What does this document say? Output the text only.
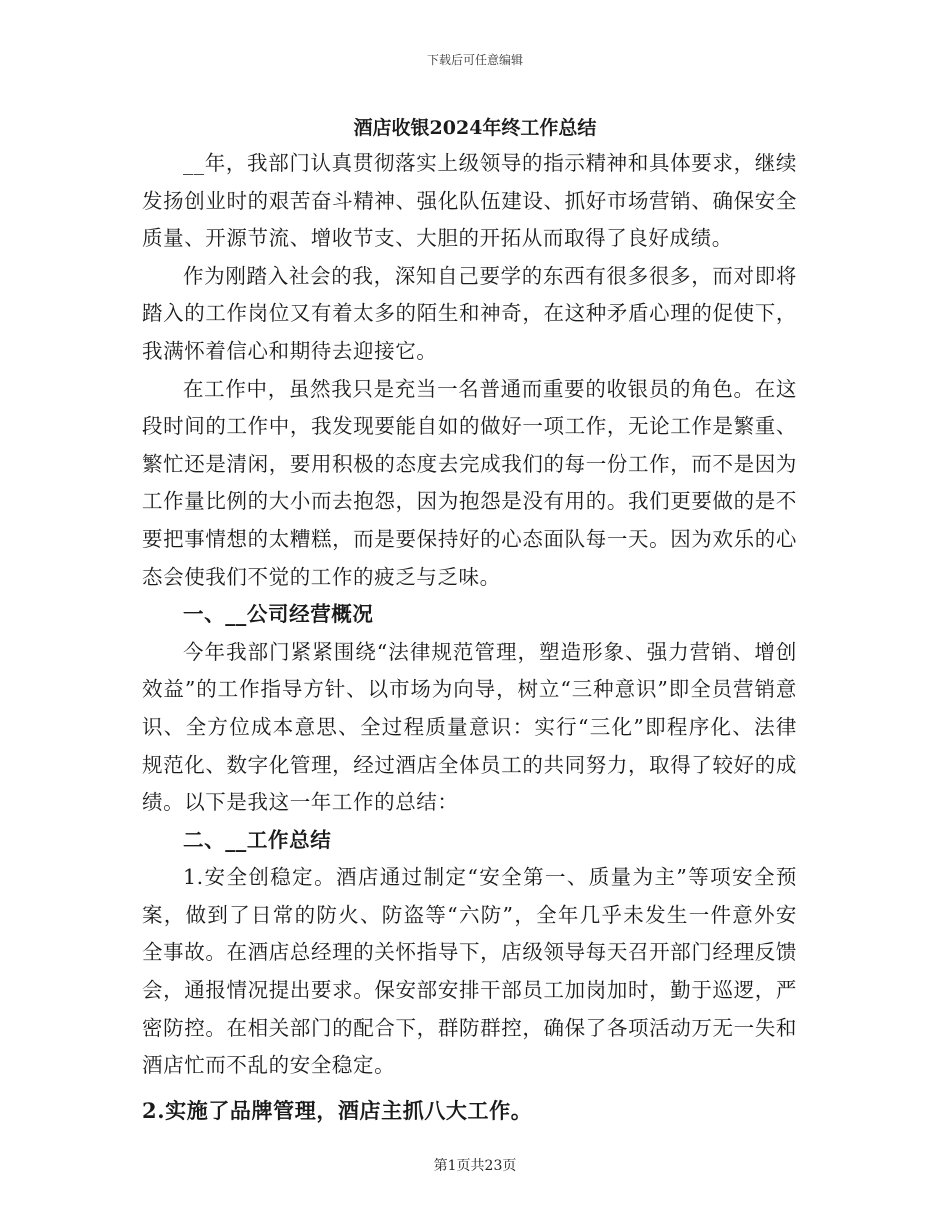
下载后可任意编辑
酒店收银2024年终工作总结

__年，我部门认真贯彻落实上级领导的指示精神和具体要求，继续发扬创业时的艰苦奋斗精神、强化队伍建设、抓好市场营销、确保安全质量、开源节流、增收节支、大胆的开拓从而取得了良好成绩。

作为刚踏入社会的我，深知自己要学的东西有很多很多，而对即将踏入的工作岗位又有着太多的陌生和神奇，在这种矛盾心理的促使下，我满怀着信心和期待去迎接它。

在工作中，虽然我只是充当一名普通而重要的收银员的角色。在这段时间的工作中，我发现要能自如的做好一项工作，无论工作是繁重、繁忙还是清闲，要用积极的态度去完成我们的每一份工作，而不是因为工作量比例的大小而去抱怨，因为抱怨是没有用的。我们更要做的是不要把事情想的太糟糕，而是要保持好的心态面队每一天。因为欢乐的心态会使我们不觉的工作的疲乏与乏味。

一、__公司经营概况

今年我部门紧紧围绕“法律规范管理，塑造形象、强力营销、增创效益”的工作指导方针、以市场为向导，树立“三种意识”即全员营销意识、全方位成本意思、全过程质量意识：实行“三化”即程序化、法律规范化、数字化管理，经过酒店全体员工的共同努力，取得了较好的成绩。以下是我这一年工作的总结：

二、__工作总结

1.安全创稳定。酒店通过制定“安全第一、质量为主”等项安全预案，做到了日常的防火、防盗等“六防”，全年几乎未发生一件意外安全事故。在酒店总经理的关怀指导下，店级领导每天召开部门经理反馈会，通报情况提出要求。保安部安排干部员工加岗加时，勤于巡逻，严密防控。在相关部门的配合下，群防群控，确保了各项活动万无一失和酒店忙而不乱的安全稳定。

2.实施了品牌管理，酒店主抓八大工作。

第1页共23页
